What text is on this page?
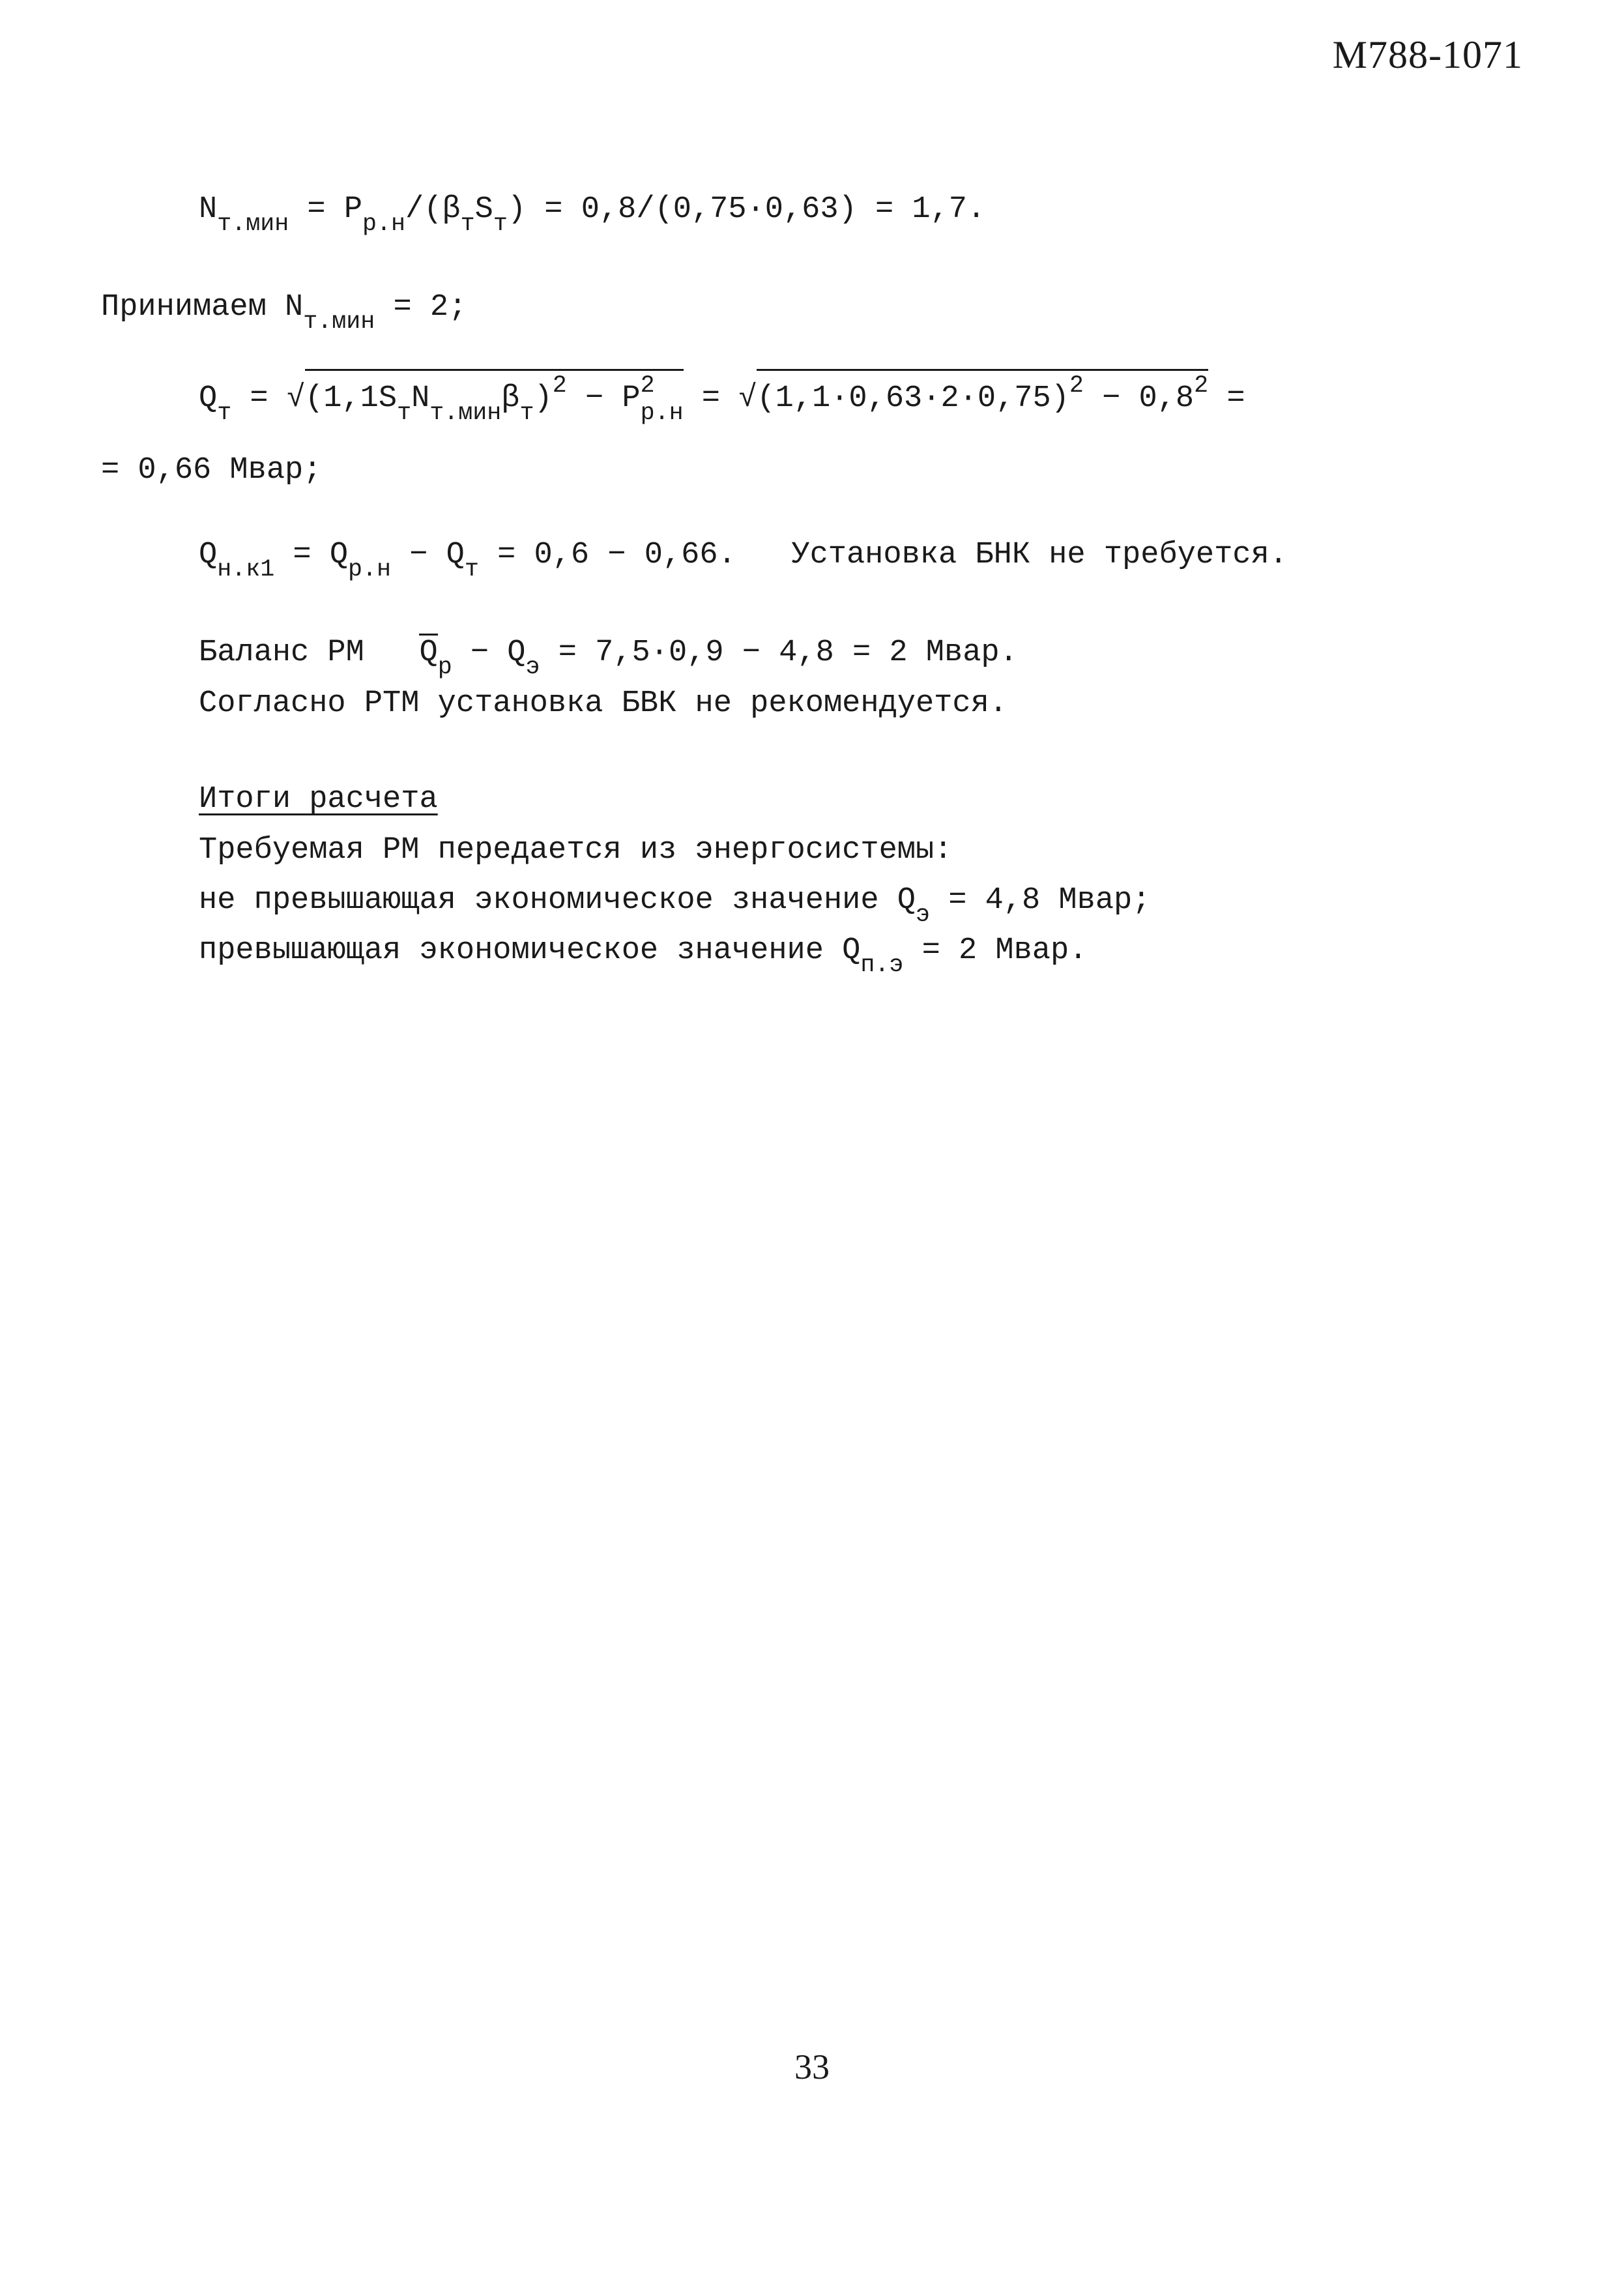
М788-1071
$N_{т.мин} = P_{р.н}/(\beta_тS_т) = 0,8/(0,75\cdot 0,63) = 1,7$.
Принимаем $N_{т.мин} = 2$;
$Q_т = √(1,1S_тN_{т.мин}\beta_т)^2 - P^2_{р.н} = √(1,1\cdot 0,63\cdot 2\cdot 0,75)^2 - 0,8^2$ =
= 0,66 Мвар;
$Q_{н.к1} = Q_{р.н} - Q_т = 0,6 - 0,66$.   Установка БНК не требуется.
Баланс РМ   $Q_р - Q_э = 7,5\cdot 0,9 - 4,8 = 2$ Мвар.
Согласно РТМ установка БВК не рекомендуется.
Итоги расчета
Требуемая РМ передается из энергосистемы:
не превышающая экономическое значение $Q_э = 4,8$ Мвар;
превышающая экономическое значение $Q_{п.э} = 2$ Мвар.
33
